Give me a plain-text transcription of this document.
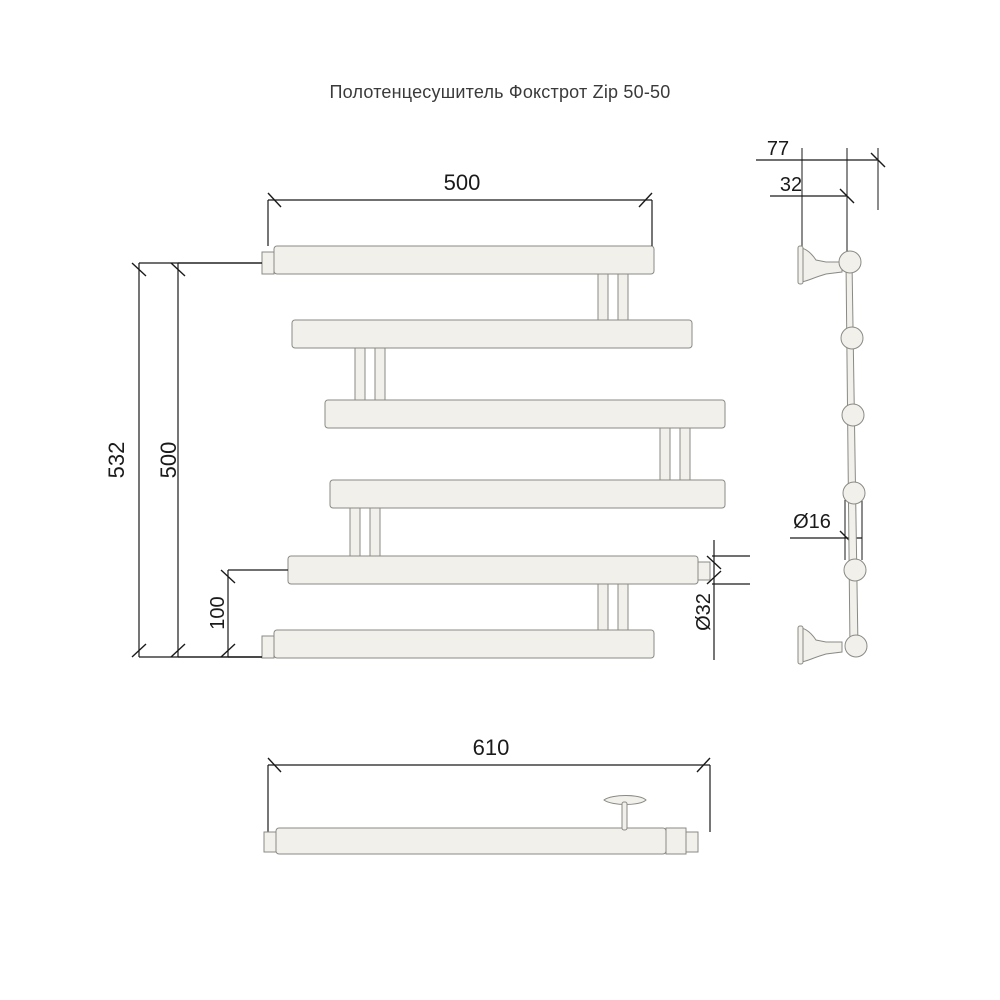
Полотенцесушитель Фокстрот Zip 50-50
500
532 500
100	Ø32
77
32
Ø16
610
